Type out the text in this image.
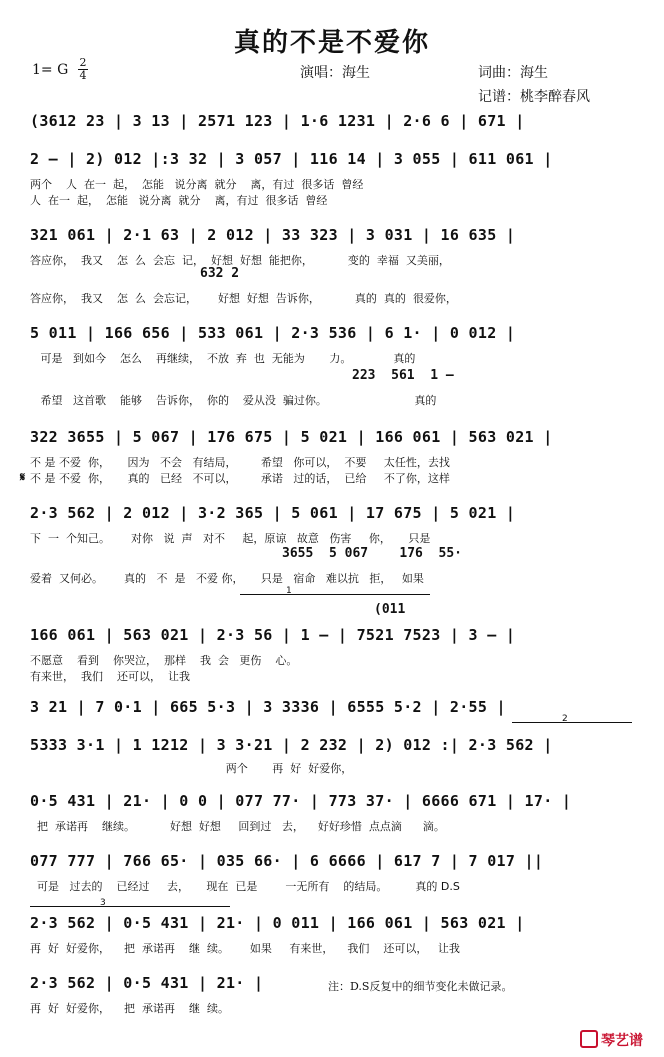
真的不是不爱你
1= G 2
4	演唱：海生	词曲：海生
记谱：桃李醉春风
(3612 23 | 3 13 | 2571 123 | 1·6 1231 | 2·6 6 | 671 |
2 – | 2) 012 |:3 32 | 3 057 | 116 14 | 3 055 | 611 061 |
两个    人  在一  起，  怎能   说分离  就分    离，有过  很多话  曾经
人  在一  起，  怎能   说分离  就分    离，有过  很多话  曾经
321 061 | 2·1 63 | 2 012 | 33 323 | 3 031 | 16 635 |
答应你，  我又    怎  么  会忘  记，  好想  好想  能把你，          变的  幸福  又美丽，
632 2
答应你，  我又    怎  么  会忘记，      好想  好想  告诉你，          真的  真的  很爱你，
5 011 | 166 656 | 533 061 | 2·3 536 | 6 1· | 0 012 |
可是   到如今    怎么    再继续，  不放  弃  也  无能为       力。            真的
223  561  1 –
希望   这首歌    能够    告诉你，  你的    爱从没  骗过你。                         真的
322 3655 | 5 067 | 176 675 | 5 021 | 166 061 | 563 021 |
不 是 不爱  你，     因为   不会   有结局，       希望   你可以，  不要     太任性，去找
不 是 不爱  你，     真的   已经   不可以，       承诺   过的话，  已给     不了你，这样
𝄋
2·3 562 | 2 012 | 3·2 365 | 5 061 | 17 675 | 5 021 |
下  一  个知己。      对你   说  声   对不     起，原谅   故意   伤害     你，     只是
3655  5 067    176  55·
爱着  又何必。      真的   不  是   不爱 你，     只是   宿命   难以抗   拒，   如果
1
(011
166 061 | 563 021 | 2·3 56 | 1 – | 7521 7523 | 3 – |
不愿意    看到    你哭泣，  那样    我  会   更伤    心。
有来世，  我们    还可以，  让我
3 21 | 7 0·1 | 665 5·3 | 3 3336 | 6555 5·2 | 2·55 |
2
5333 3·1 | 1 1212 | 3 3·21 | 2 232 | 2) 012 :| 2·3 562 |
两个       再  好  好爱你，
0·5 431 | 21· | 0 0 | 077 77· | 773 37· | 6666 671 | 17· |
把  承诺再    继续。          好想  好想     回到过   去，    好好珍惜  点点滴      滴。
077 777 | 766 65· | 035 66· | 6 6666 | 617 7 | 7 017 ||
可是   过去的    已经过     去，     现在  已是        一无所有    的结局。        真的 D.S
3
2·3 562 | 0·5 431 | 21· | 0 011 | 166 061 | 563 021 |
再  好  好爱你，    把  承诺再    继  续。      如果     有来世，    我们    还可以，   让我
2·3 562 | 0·5 431 | 21· |
再  好  好爱你，    把  承诺再    继  续。
注：D.S反复中的细节变化未做记录。
琴艺谱
